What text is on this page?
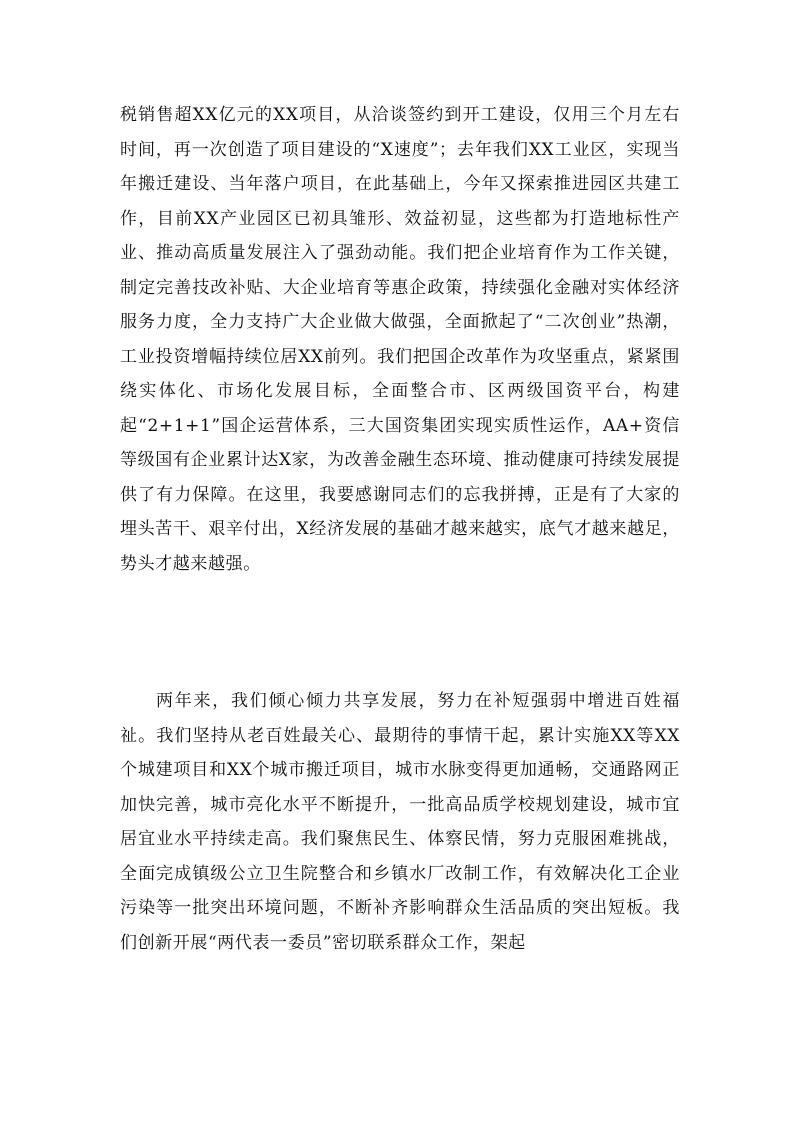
税销售超XX亿元的XX项目，从洽谈签约到开工建设，仅用三个月左右时间，再一次创造了项目建设的“X速度”；去年我们XX工业区，实现当年搬迁建设、当年落户项目，在此基础上，今年又探索推进园区共建工作，目前XX产业园区已初具雏形、效益初显，这些都为打造地标性产业、推动高质量发展注入了强劲动能。我们把企业培育作为工作关键，制定完善技改补贴、大企业培育等惠企政策，持续强化金融对实体经济服务力度，全力支持广大企业做大做强，全面掀起了“二次创业”热潮，工业投资增幅持续位居XX前列。我们把国企改革作为攻坚重点，紧紧围绕实体化、市场化发展目标，全面整合市、区两级国资平台，构建起“2+1+1”国企运营体系，三大国资集团实现实质性运作，AA+资信等级国有企业累计达X家，为改善金融生态环境、推动健康可持续发展提供了有力保障。在这里，我要感谢同志们的忘我拼搏，正是有了大家的埋头苦干、艰辛付出，X经济发展的基础才越来越实，底气才越来越足，势头才越来越强。

两年来，我们倾心倾力共享发展，努力在补短强弱中增进百姓福祉。我们坚持从老百姓最关心、最期待的事情干起，累计实施XX等XX个城建项目和XX个城市搬迁项目，城市水脉变得更加通畅，交通路网正加快完善，城市亮化水平不断提升，一批高品质学校规划建设，城市宜居宜业水平持续走高。我们聚焦民生、体察民情，努力克服困难挑战，全面完成镇级公立卫生院整合和乡镇水厂改制工作，有效解决化工企业污染等一批突出环境问题，不断补齐影响群众生活品质的突出短板。我们创新开展“两代表一委员”密切联系群众工作，架起
